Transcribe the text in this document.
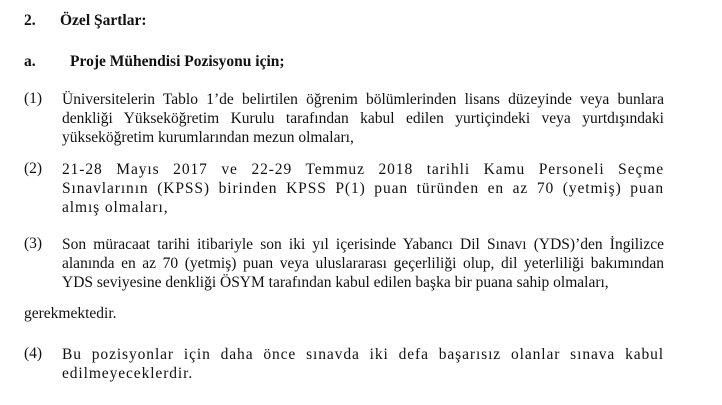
2. Özel Şartlar:
a. Proje Mühendisi Pozisyonu için;
(1) Üniversitelerin Tablo 1’de belirtilen öğrenim bölümlerinden lisans düzeyinde veya bunlara denkliği Yükseköğretim Kurulu tarafından kabul edilen yurtiçindeki veya yurtdışındaki yükseköğretim kurumlarından mezun olmaları,
(2) 21-28 Mayıs 2017 ve 22-29 Temmuz 2018 tarihli Kamu Personeli Seçme Sınavlarının (KPSS) birinden KPSS P(1) puan türünden en az 70 (yetmiş) puan almış olmaları,
(3) Son müracaat tarihi itibariyle son iki yıl içerisinde Yabancı Dil Sınavı (YDS)’den İngilizce alanında en az 70 (yetmiş) puan veya uluslararası geçerliliği olup, dil yeterliliği bakımından YDS seviyesine denkliği ÖSYM tarafından kabul edilen başka bir puana sahip olmaları,
gerekmektedir.
(4) Bu pozisyonlar için daha önce sınavda iki defa başarısız olanlar sınava kabul edilmeyeceklerdir.
